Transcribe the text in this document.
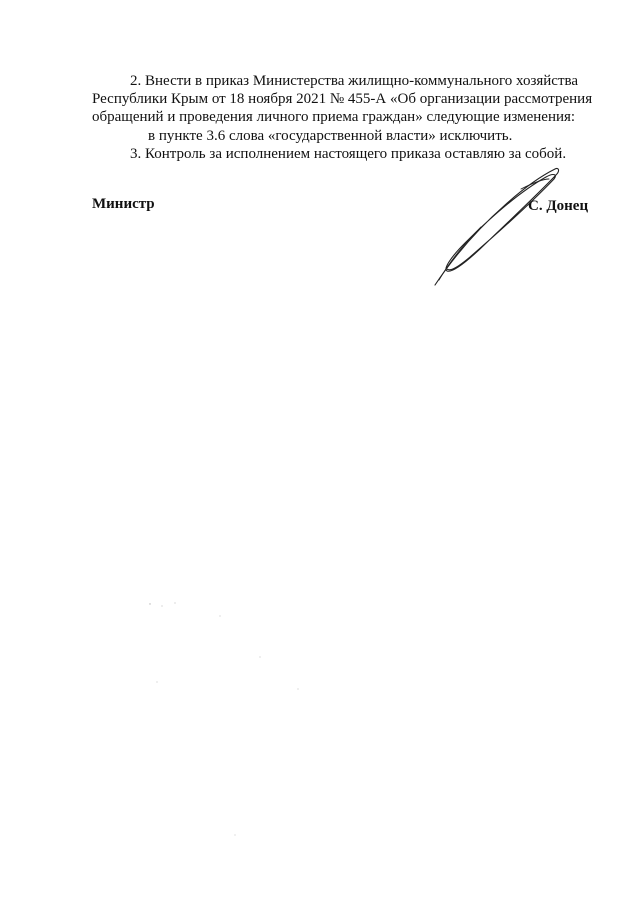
2. Внести в приказ Министерства жилищно-коммунального хозяйства
Республики Крым от 18 ноября 2021 № 455-А «Об организации рассмотрения
обращений и проведения личного приема граждан» следующие изменения:
в пункте 3.6 слова «государственной власти» исключить.
3. Контроль за исполнением настоящего приказа оставляю за собой.
Министр	С. Донец
